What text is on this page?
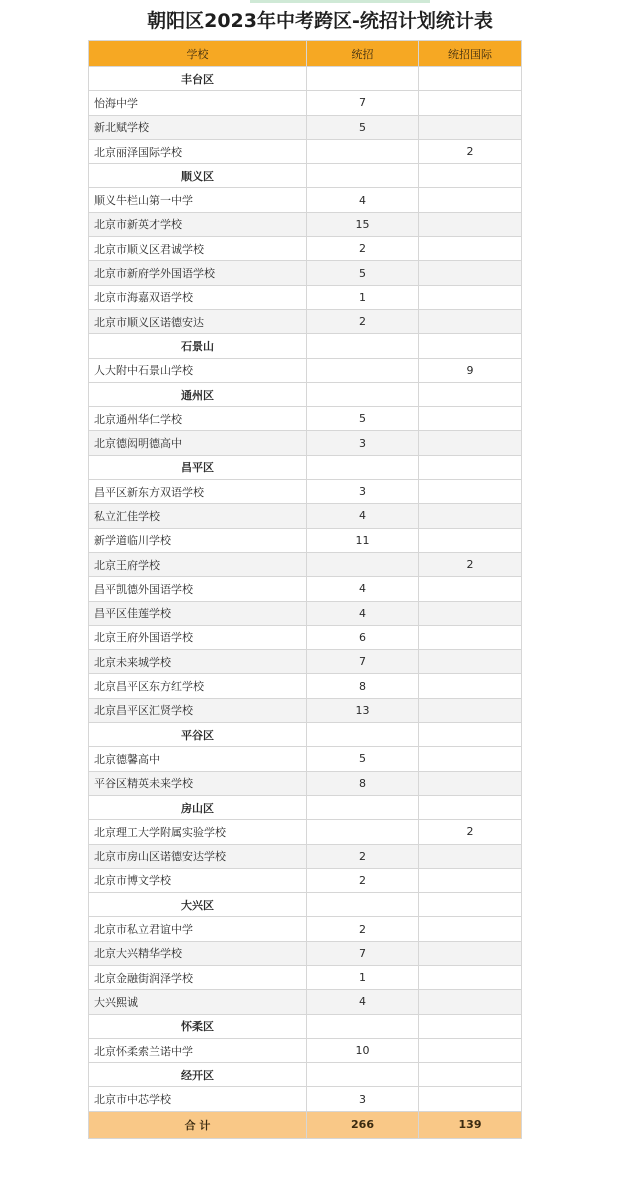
朝阳区2023年中考跨区-统招计划统计表
学校	统招	统招国际
丰台区		
怡海中学	7	
新北赋学校	5	
北京丽泽国际学校		2
顺义区		
顺义牛栏山第一中学	4	
北京市新英才学校	15	
北京市顺义区君诚学校	2	
北京市新府学外国语学校	5	
北京市海嘉双语学校	1	
北京市顺义区诺德安达	2	
石景山		
人大附中石景山学校		9
通州区		
北京通州华仁学校	5	
北京德闳明德高中	3	
昌平区		
昌平区新东方双语学校	3	
私立汇佳学校	4	
新学道临川学校	11	
北京王府学校		2
昌平凯德外国语学校	4	
昌平区佳莲学校	4	
北京王府外国语学校	6	
北京未来城学校	7	
北京昌平区东方红学校	8	
北京昌平区汇贤学校	13	
平谷区		
北京德馨高中	5	
平谷区精英未来学校	8	
房山区		
北京理工大学附属实验学校		2
北京市房山区诺德安达学校	2	
北京市博文学校	2	
大兴区		
北京市私立君谊中学	2	
北京大兴精华学校	7	
北京金融街润泽学校	1	
大兴熙诚	4	
怀柔区		
北京怀柔索兰诺中学	10	
经开区		
北京市中芯学校	3	
合 计	266	139
